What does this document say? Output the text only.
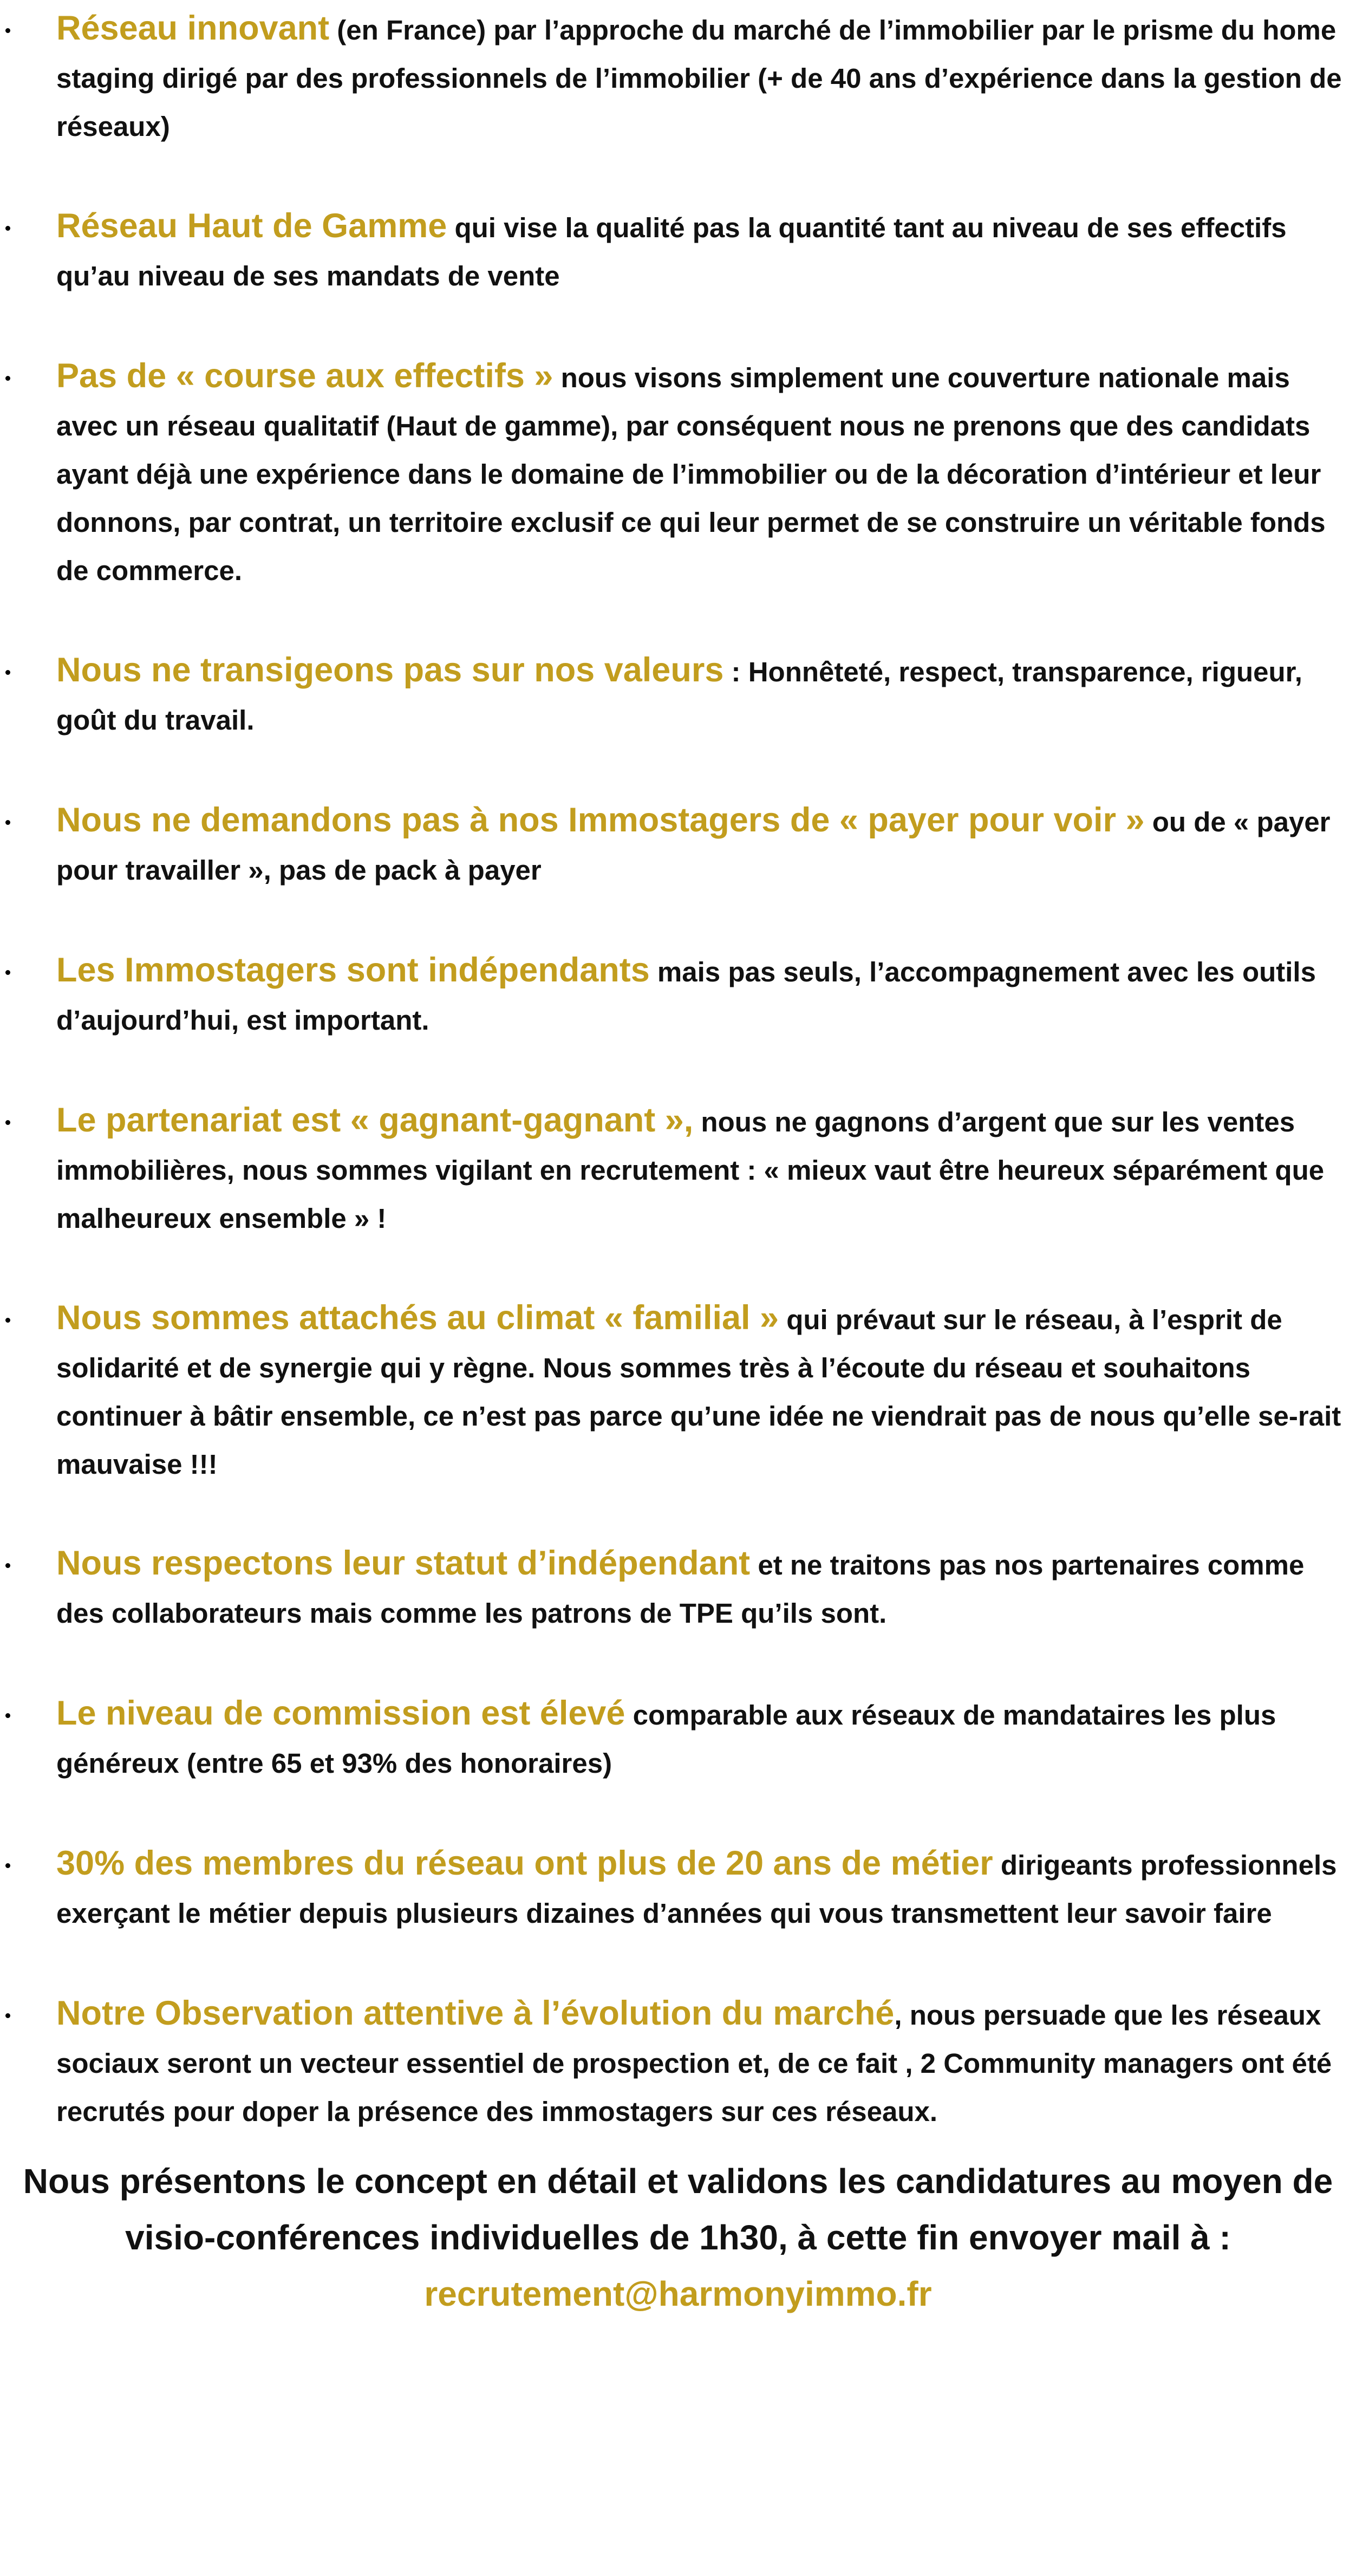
Réseau innovant (en France) par l’approche du marché de l’immobilier par le prisme du home staging dirigé par des professionnels de l’immobilier (+ de 40 ans d’expérience dans la gestion de réseaux)
Réseau Haut de Gamme qui vise la qualité pas la quantité tant au niveau de ses effectifs qu’au niveau de ses mandats de vente
Pas de « course aux effectifs » nous visons simplement une couverture nationale mais avec un réseau qualitatif (Haut de gamme), par conséquent nous ne prenons que des candidats ayant déjà une expérience dans le domaine de l’immobilier ou de la décoration d’intérieur et leur donnons, par contrat, un territoire exclusif ce qui leur permet de se construire un véritable fonds de commerce.
Nous ne transigeons pas sur nos valeurs : Honnêteté, respect, transparence, rigueur, goût du travail.
Nous ne demandons pas à nos Immostagers de « payer pour voir » ou de « payer pour travailler », pas de pack à payer
Les Immostagers sont indépendants mais pas seuls, l’accompagnement avec les outils d’aujourd’hui, est important.
Le partenariat est « gagnant-gagnant », nous ne gagnons d’argent que sur les ventes immobilières, nous sommes vigilant en recrutement : « mieux vaut être heureux séparément que malheureux ensemble » !
Nous sommes attachés au climat « familial » qui prévaut sur le réseau, à l’esprit de solidarité et de synergie qui y règne. Nous sommes très à l’écoute du réseau et souhaitons continuer à bâtir ensemble, ce n’est pas parce qu’une idée ne viendrait pas de nous qu’elle se-rait mauvaise !!!
Nous respectons leur statut d’indépendant et ne traitons pas nos partenaires comme des collaborateurs mais comme les patrons de TPE qu’ils sont.
Le niveau de commission est élevé comparable aux réseaux de mandataires les plus généreux (entre 65 et 93% des honoraires)
30% des membres du réseau ont plus de 20 ans de métier dirigeants professionnels exerçant le métier depuis plusieurs dizaines d’années qui vous transmettent leur savoir faire
Notre Observation attentive à l’évolution du marché, nous persuade que les réseaux sociaux seront un vecteur essentiel de prospection et, de ce fait , 2 Community managers ont été recrutés pour doper la présence des immostagers sur ces réseaux.
Nous présentons le concept en détail et validons les candidatures au moyen de
visio-conférences individuelles de 1h30, à cette fin envoyer mail à :
recrutement@harmonyimmo.fr
